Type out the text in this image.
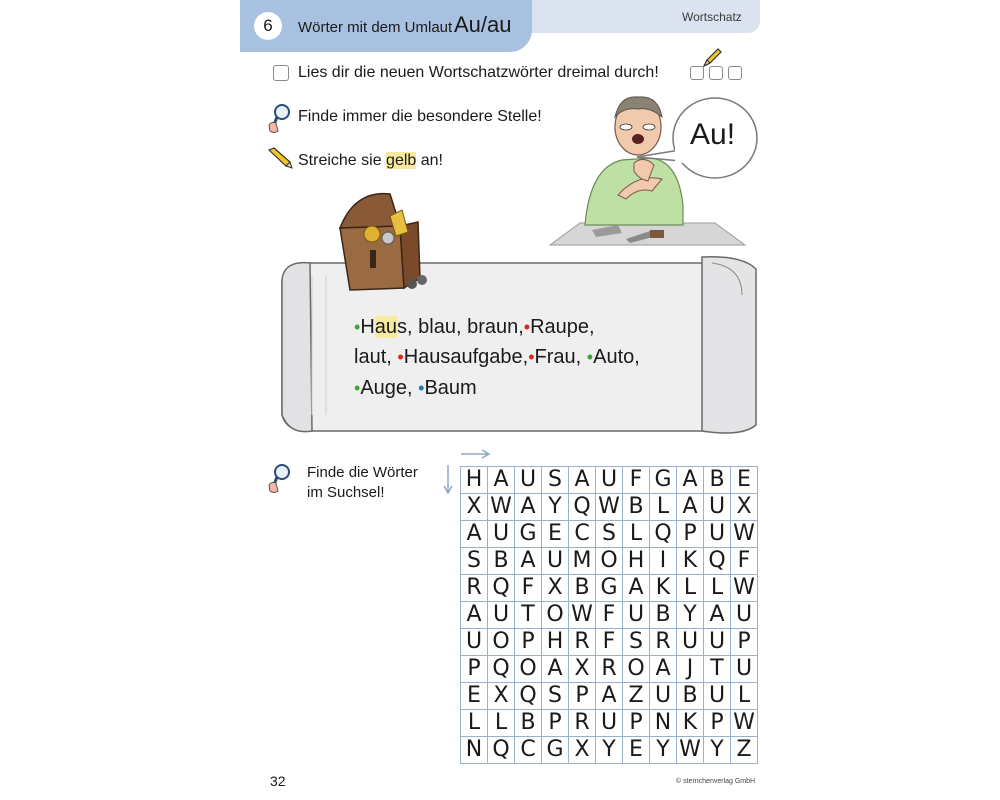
6	Wörter mit dem Umlaut Au/au	Wortschatz
Lies dir die neuen Wortschatzwörter dreimal durch!
Finde immer die besondere Stelle!
Streiche sie gelb an!
Au!
•Haus, blau, braun,•Raupe,
laut, •Hausaufgabe,•Frau, •Auto,
•Auge, •Baum
Finde die Wörter
im Suchsel!
H A U S A U F G A B E
X W A Y Q W B L A U X
A U G E C S L Q P U W
S B A U M O H I K Q F
R Q F X B G A K L L W
A U T O W F U B Y A U
U O P H R F S R U U P
P Q O A X R O A J T U
E X Q S P A Z U B U L
L L B P R U P N K P W
N Q C G X Y E Y W Y Z
32	© sternchenverlag GmbH
